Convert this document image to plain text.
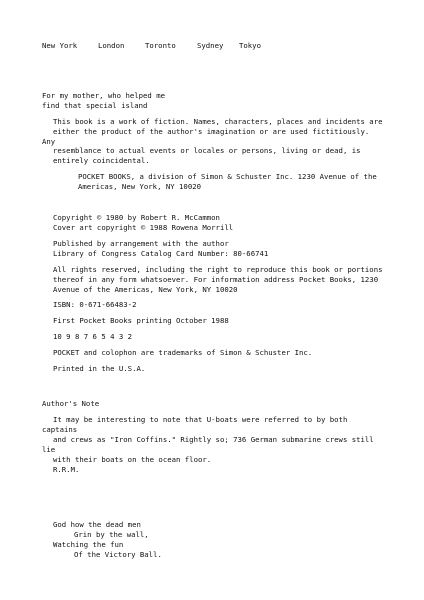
New York	London	Toronto	Sydney Tokyo
For my mother, who helped me
find that special island
This book is a work of fiction. Names, characters, places and incidents are
either the product of the author's imagination or are used fictitiously.
Any
resemblance to actual events or locales or persons, living or dead, is
entirely coincidental.
POCKET BOOKS, a division of Simon & Schuster Inc. 1230 Avenue of the
Americas, New York, NY 10020
Copyright © 1980 by Robert R. McCammon
Cover art copyright © 1988 Rowena Morrill
Published by arrangement with the author
Library of Congress Catalog Card Number: 80-66741
All rights reserved, including the right to reproduce this book or portions
thereof in any form whatsoever. For information address Pocket Books, 1230
Avenue of the Americas, New York, NY 10020
ISBN: 0-671-66483-2
First Pocket Books printing October 1988
10 9 8 7 6 5 4 3 2
POCKET and colophon are trademarks of Simon & Schuster Inc.
Printed in the U.S.A.
Author's Note
It may be interesting to note that U-boats were referred to by both
captains
and crews as "Iron Coffins." Rightly so; 736 German submarine crews still
lie
with their boats on the ocean floor.
R.R.M.
God how the dead men
Grin by the wall,
Watching the fun
Of the Victory Ball.
